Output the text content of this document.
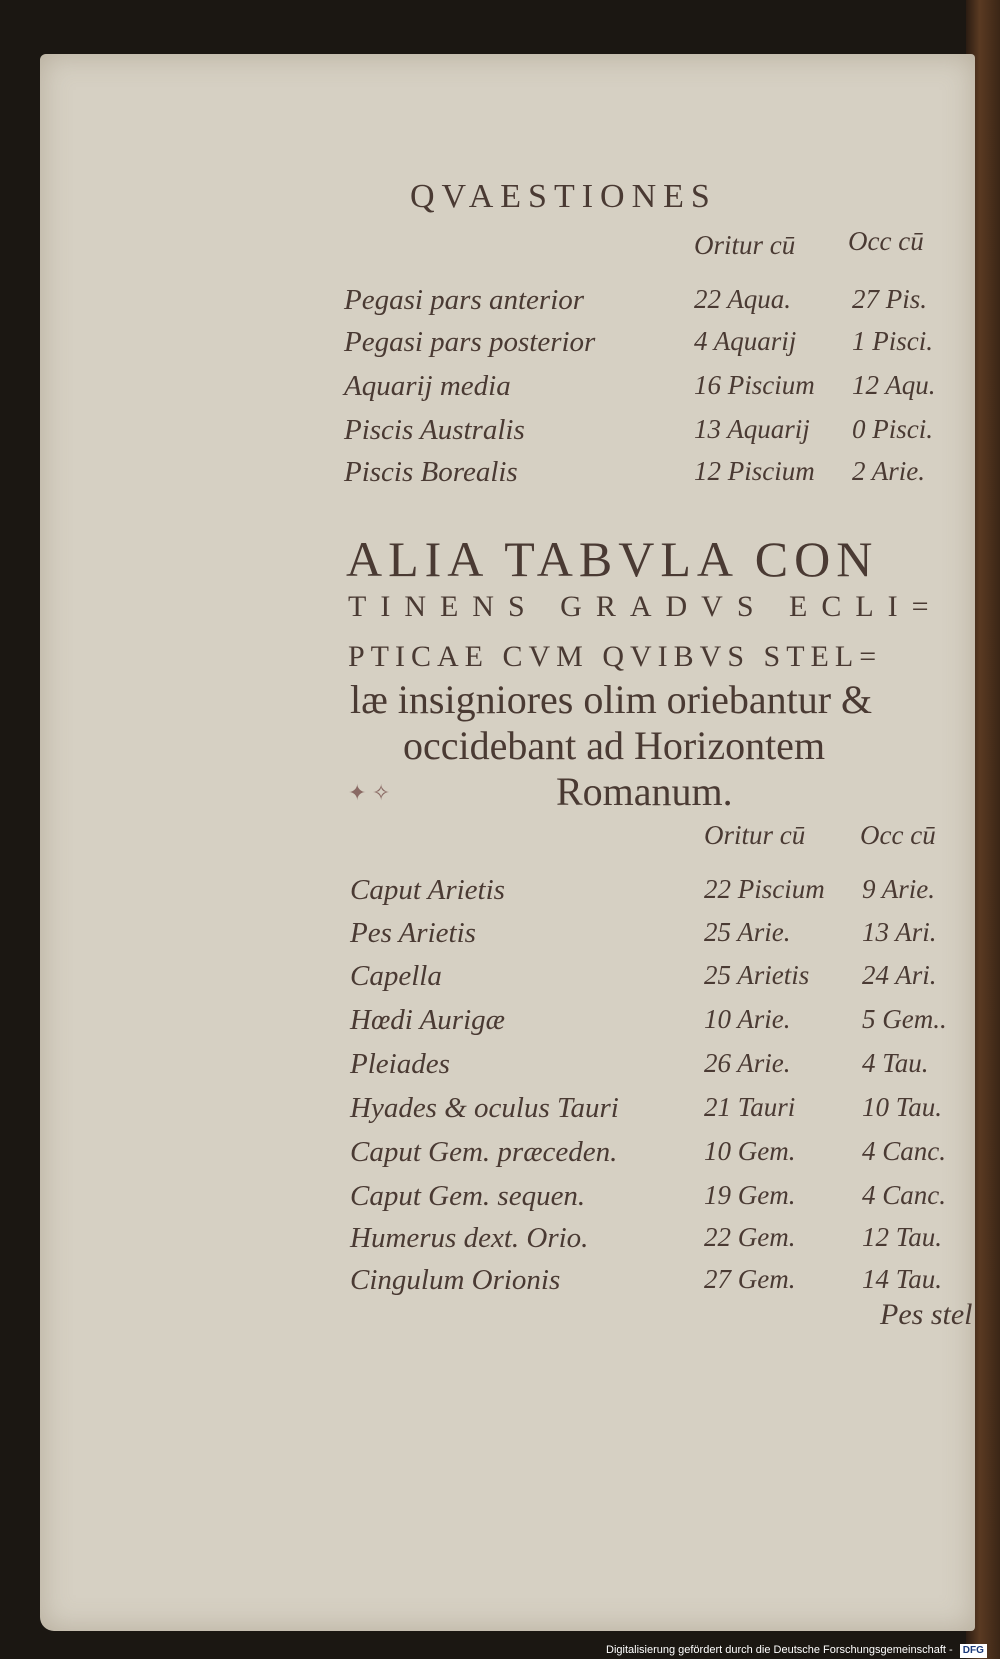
QVAESTIONES
Oritur cū Occ cū
Pegasi pars anterior	22 Aqua. 27 Pis.
Pegasi pars posterior	4 Aquarij 1 Pisci.
Aquarij media	16 Piscium 12 Aqu.
Piscis Australis	13 Aquarij 0 Pisci.
Piscis Borealis	12 Piscium 2 Arie.
ALIA TABVLA CON
TINENS GRADVS ECLI=
PTICAE CVM QVIBVS STEL=
læ insigniores olim oriebantur &
occidebant ad Horizontem
Romanum.
✦ ✧
Oritur cū Occ cū
Caput Arietis	22 Piscium 9 Arie.
Pes Arietis	25 Arie.	13 Ari.
Capella	25 Arietis 24 Ari.
Hœdi Aurigæ	10 Arie.	5 Gem..
Pleiades	26 Arie.	4 Tau.
Hyades & oculus Tauri	21 Tauri 10 Tau.
Caput Gem. præceden.	10 Gem. 4 Canc.
Caput Gem. sequen.	19 Gem. 4 Canc.
Humerus dext. Orio.	22 Gem. 12 Tau.
Cingulum Orionis	27 Gem. 14 Tau.
Pes stel
Digitalisierung gefördert durch die Deutsche Forschungsgemeinschaft - DFG
